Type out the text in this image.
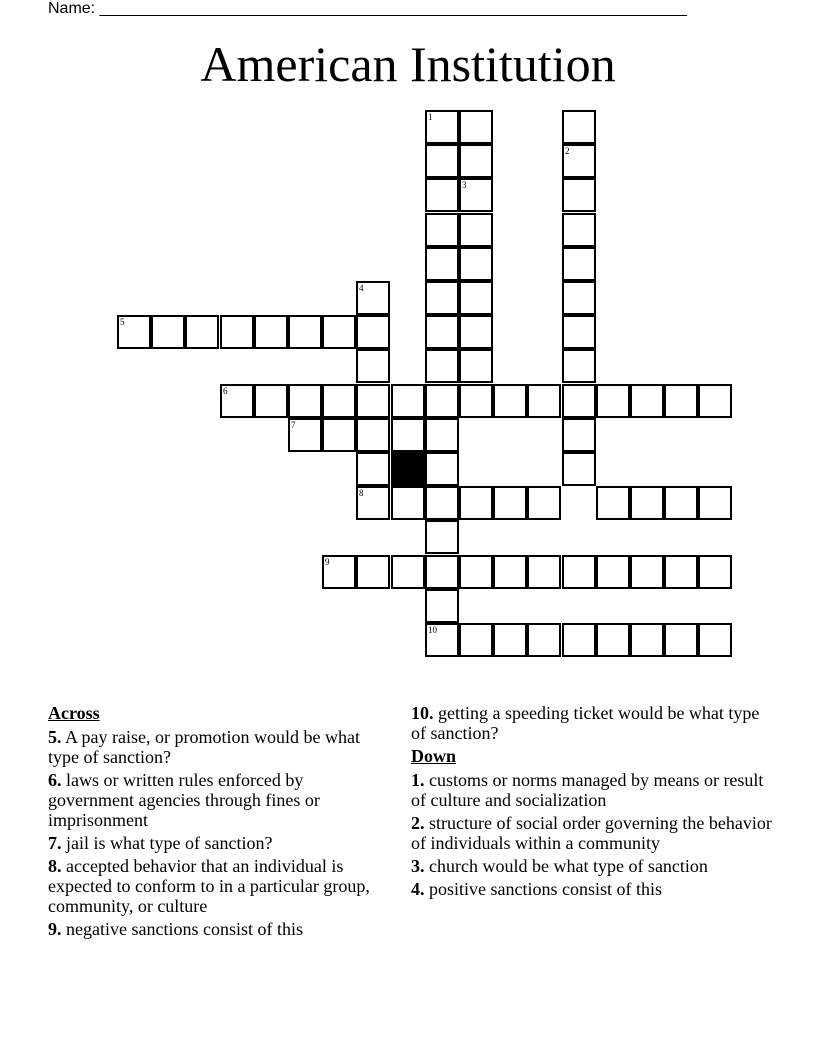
Name: __________________________________________________________________
American Institution
1
10
2
3
4
8
5
6
7
9
Across
5. A pay raise, or promotion would be what type of sanction?
6. laws or written rules enforced by government agencies through fines or imprisonment
7. jail is what type of sanction?
8. accepted behavior that an individual is expected to conform to in a particular group, community, or culture
9. negative sanctions consist of this
10. getting a speeding ticket would be what type of sanction?
Down
1. customs or norms managed by means or result of culture and socialization
2. structure of social order governing the behavior of individuals within a community
3. church would be what type of sanction
4. positive sanctions consist of this
